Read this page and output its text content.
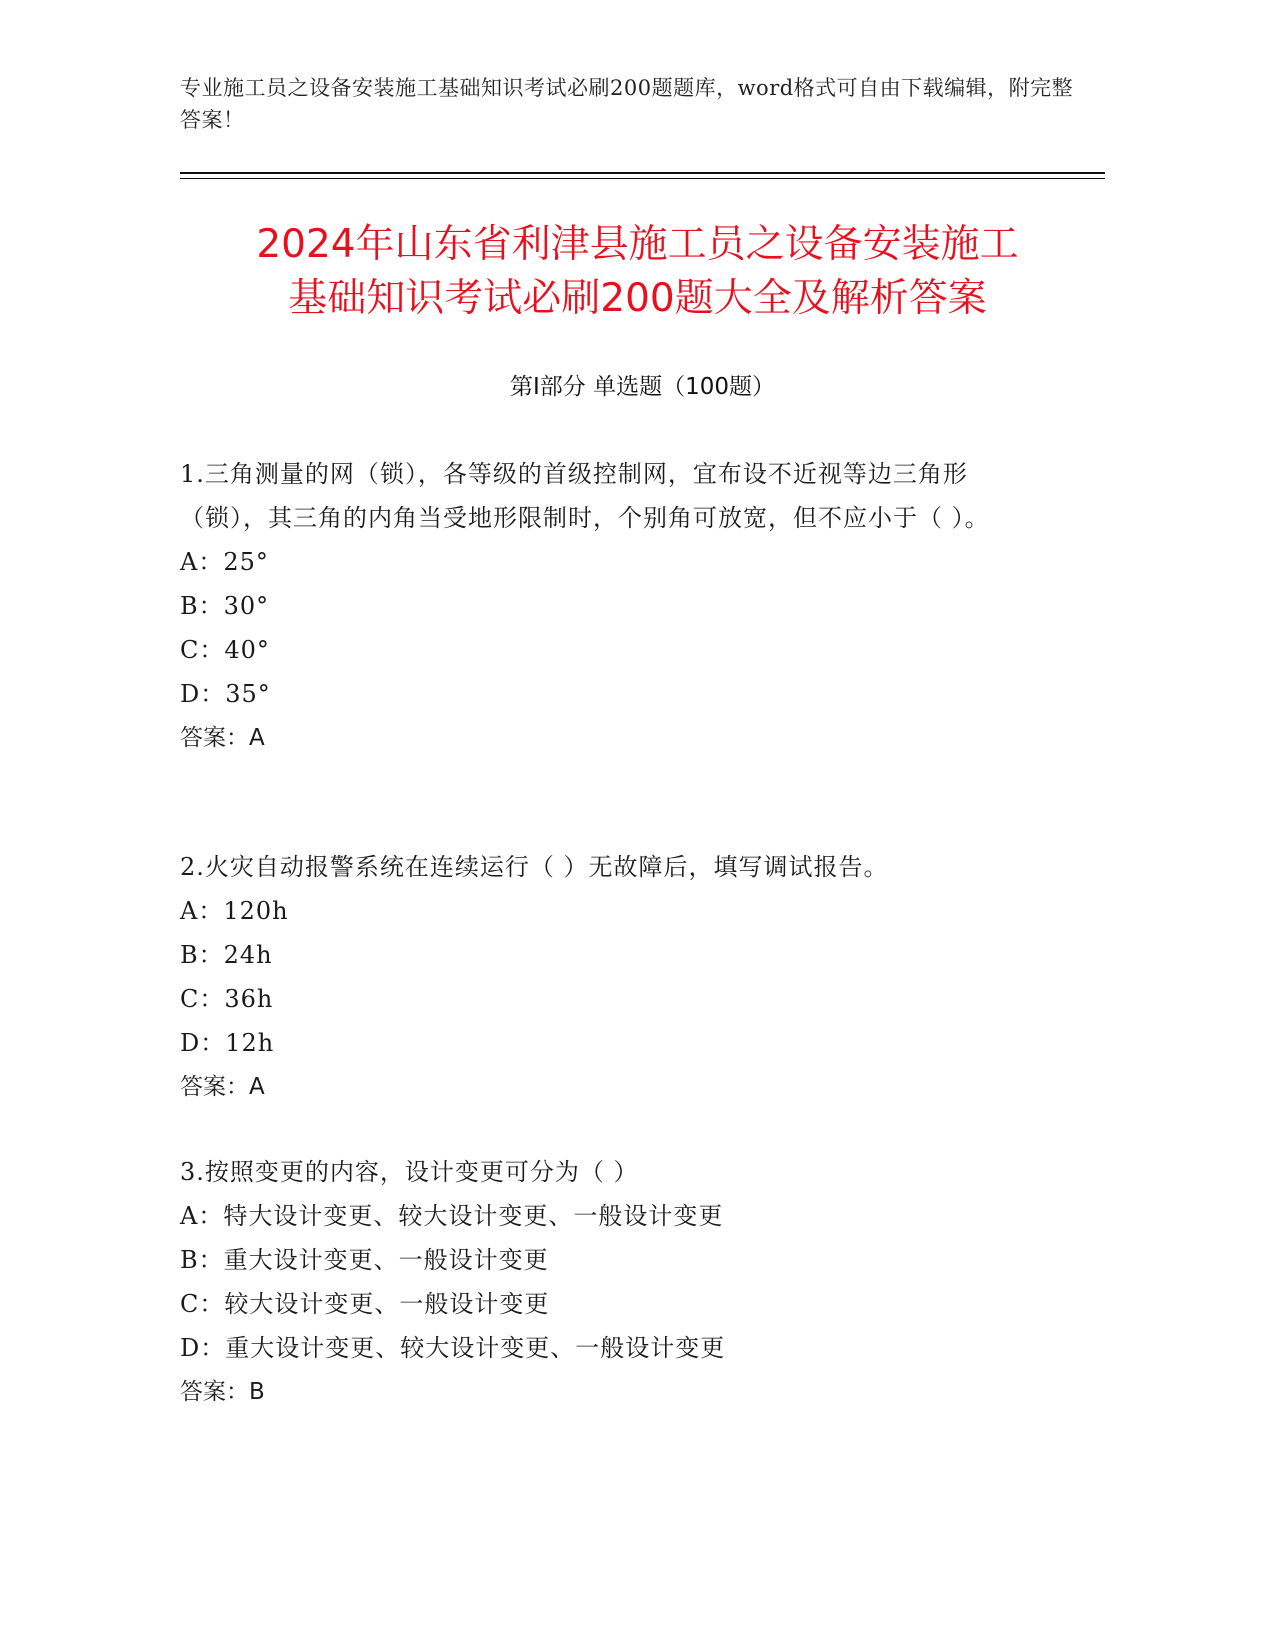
专业施工员之设备安装施工基础知识考试必刷200题题库，word格式可自由下载编辑，附完整答案！
2024年山东省利津县施工员之设备安装施工
基础知识考试必刷200题大全及解析答案
第Ⅰ部分 单选题（100题）

1.三角测量的网（锁），各等级的首级控制网，宜布设不近视等边三角形（锁），其三角的内角当受地形限制时，个别角可放宽，但不应小于（ ）。

A：25°

B：30°

C：40°

D：35°

答案：A

2.火灾自动报警系统在连续运行（ ）无故障后，填写调试报告。

A：120h

B：24h

C：36h

D：12h

答案：A

3.按照变更的内容，设计变更可分为（ ）

A：特大设计变更、较大设计变更、一般设计变更

B：重大设计变更、一般设计变更

C：较大设计变更、一般设计变更

D：重大设计变更、较大设计变更、一般设计变更

答案：B
